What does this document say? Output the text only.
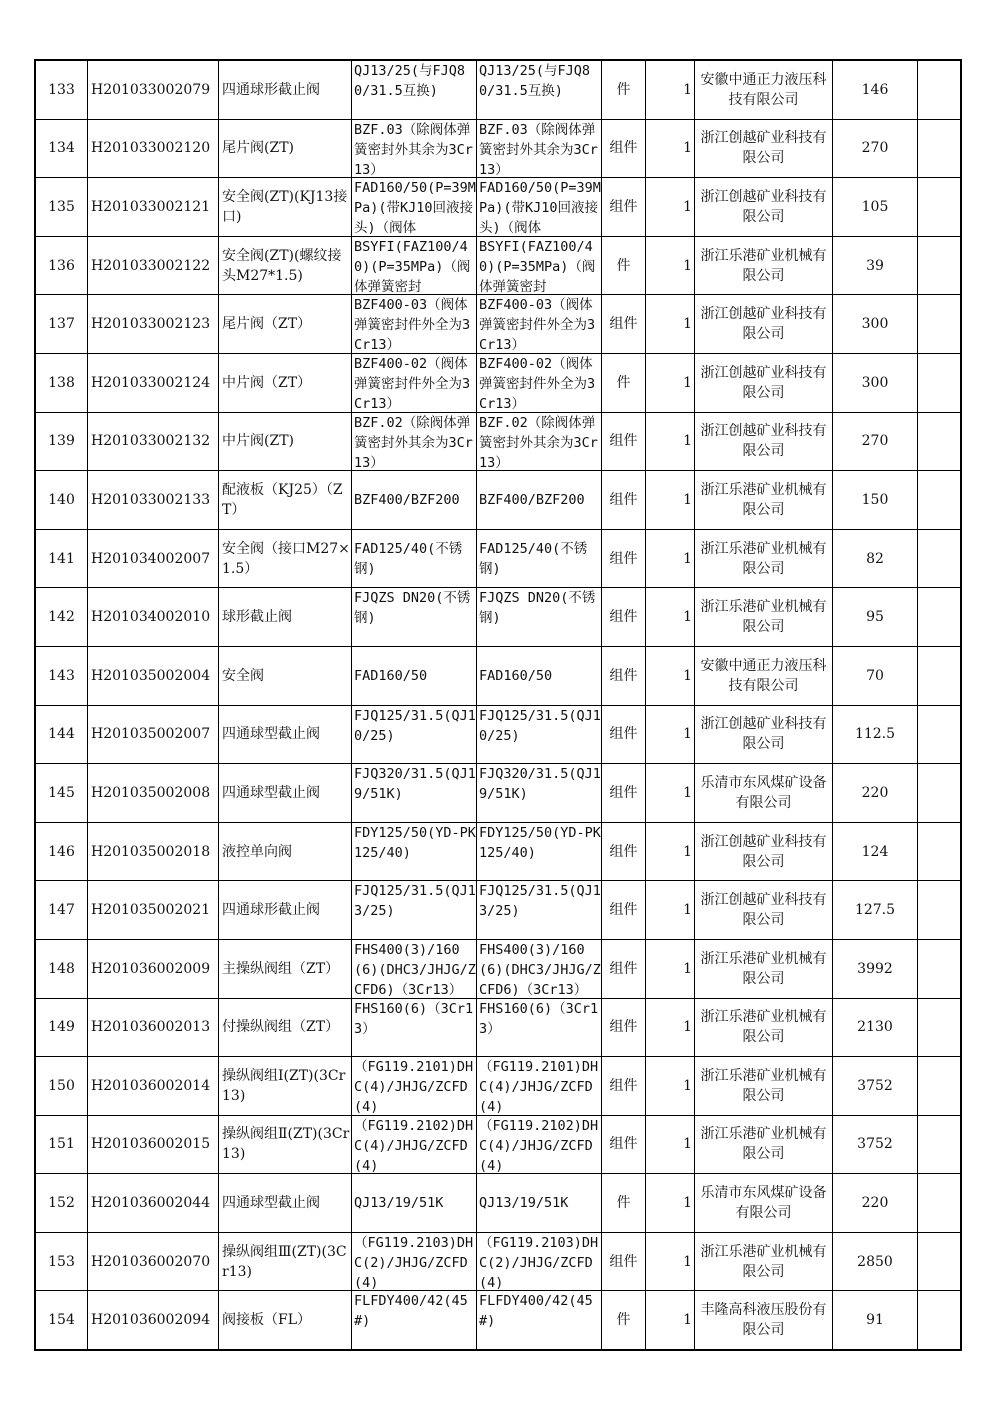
133	H201033002079	四通球形截止阀	QJ13/25(与FJQ80/31.5互换)	QJ13/25(与FJQ80/31.5互换)	件	1	安徽中通正力液压科技有限公司	146	
134	H201033002120	尾片阀(ZT)	BZF.03（除阀体弹簧密封外其余为3Cr13）	BZF.03（除阀体弹簧密封外其余为3Cr13）	组件	1	浙江创越矿业科技有限公司	270	
135	H201033002121	安全阀(ZT)(KJ13接口)	FAD160/50(P=39MPa)(带KJ10回液接头)（阀体	FAD160/50(P=39MPa)(带KJ10回液接头)（阀体	组件	1	浙江创越矿业科技有限公司	105	
136	H201033002122	安全阀(ZT)(螺纹接头M27*1.5)	BSYFI(FAZ100/40)(P=35MPa)（阀体弹簧密封	BSYFI(FAZ100/40)(P=35MPa)（阀体弹簧密封	件	1	浙江乐港矿业机械有限公司	39	
137	H201033002123	尾片阀（ZT）	BZF400-03（阀体弹簧密封件外全为3Cr13）	BZF400-03（阀体弹簧密封件外全为3Cr13）	组件	1	浙江创越矿业科技有限公司	300	
138	H201033002124	中片阀（ZT）	BZF400-02（阀体弹簧密封件外全为3Cr13）	BZF400-02（阀体弹簧密封件外全为3Cr13）	件	1	浙江创越矿业科技有限公司	300	
139	H201033002132	中片阀(ZT)	BZF.02（除阀体弹簧密封外其余为3Cr13）	BZF.02（除阀体弹簧密封外其余为3Cr13）	组件	1	浙江创越矿业科技有限公司	270	
140	H201033002133	配液板（KJ25）（ZT）	BZF400/BZF200	BZF400/BZF200	组件	1	浙江乐港矿业机械有限公司	150	
141	H201034002007	安全阀（接口M27×1.5）	FAD125/40(不锈钢)	FAD125/40(不锈钢)	组件	1	浙江乐港矿业机械有限公司	82	
142	H201034002010	球形截止阀	FJQZS DN20(不锈钢)	FJQZS DN20(不锈钢)	组件	1	浙江乐港矿业机械有限公司	95	
143	H201035002004	安全阀	FAD160/50	FAD160/50	组件	1	安徽中通正力液压科技有限公司	70	
144	H201035002007	四通球型截止阀	FJQ125/31.5(QJ10/25)	FJQ125/31.5(QJ10/25)	组件	1	浙江创越矿业科技有限公司	112.5	
145	H201035002008	四通球型截止阀	FJQ320/31.5(QJ19/51K)	FJQ320/31.5(QJ19/51K)	组件	1	乐清市东风煤矿设备有限公司	220	
146	H201035002018	液控单向阀	FDY125/50(YD-PK125/40)	FDY125/50(YD-PK125/40)	组件	1	浙江创越矿业科技有限公司	124	
147	H201035002021	四通球形截止阀	FJQ125/31.5(QJ13/25)	FJQ125/31.5(QJ13/25)	组件	1	浙江创越矿业科技有限公司	127.5	
148	H201036002009	主操纵阀组（ZT）	FHS400(3)/160(6)(DHC3/JHJG/ZCFD6)（3Cr13）	FHS400(3)/160(6)(DHC3/JHJG/ZCFD6)（3Cr13）	组件	1	浙江乐港矿业机械有限公司	3992	
149	H201036002013	付操纵阀组（ZT）	FHS160(6)（3Cr13）	FHS160(6)（3Cr13）	组件	1	浙江乐港矿业机械有限公司	2130	
150	H201036002014	操纵阀组I(ZT)(3Cr13)	（FG119.2101)DHC(4)/JHJG/ZCFD(4)	（FG119.2101)DHC(4)/JHJG/ZCFD(4)	组件	1	浙江乐港矿业机械有限公司	3752	
151	H201036002015	操纵阀组Ⅱ(ZT)(3Cr13)	（FG119.2102)DHC(4)/JHJG/ZCFD(4)	（FG119.2102)DHC(4)/JHJG/ZCFD(4)	组件	1	浙江乐港矿业机械有限公司	3752	
152	H201036002044	四通球型截止阀	QJ13/19/51K	QJ13/19/51K	件	1	乐清市东风煤矿设备有限公司	220	
153	H201036002070	操纵阀组Ⅲ(ZT)(3Cr13)	（FG119.2103)DHC(2)/JHJG/ZCFD(4)	（FG119.2103)DHC(2)/JHJG/ZCFD(4)	组件	1	浙江乐港矿业机械有限公司	2850	
154	H201036002094	阀接板（FL）	FLFDY400/42(45#)	FLFDY400/42(45#)	件	1	丰隆高科液压股份有限公司	91	
